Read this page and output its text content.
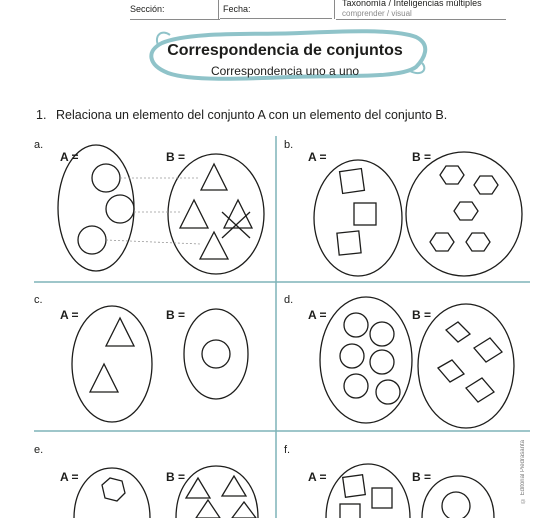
Sección:	Fecha:
Taxonomía / Inteligencias múltiples
comprender / visual
Correspondencia de conjuntos
Correspondencia uno a uno
1. Relaciona un elemento del conjunto A con un elemento del conjunto B.
a.
A =	B =
b.
A =	B =
c.
A =	B =
d.
A =	B =
e.
A =	B =
f.
A =	B =	© Editorial Piedrasanta
